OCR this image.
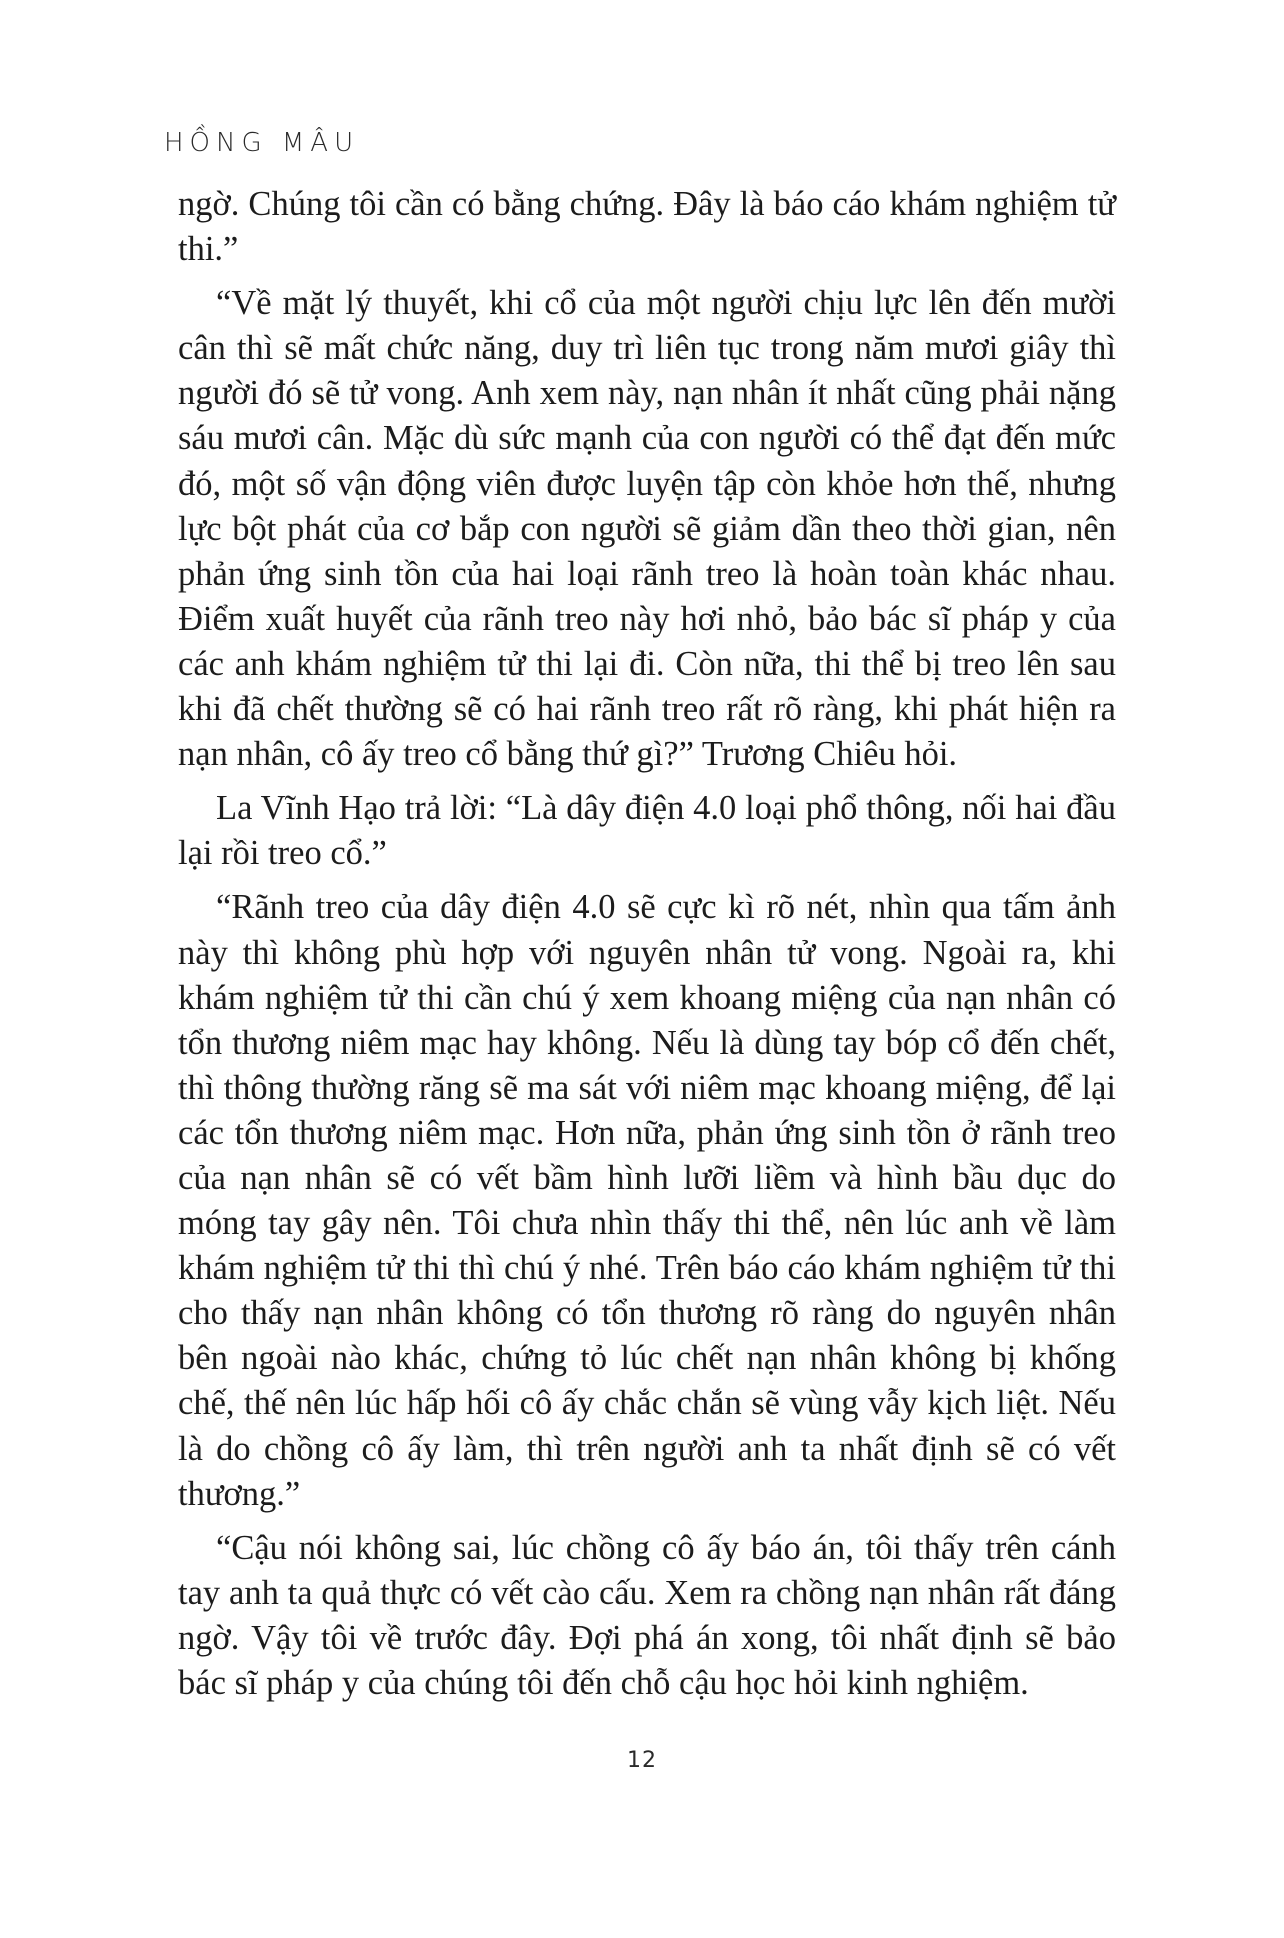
HỒNG MÂU

ngờ. Chúng tôi cần có bằng chứng. Đây là báo cáo khám nghiệm tử thi.”

“Về mặt lý thuyết, khi cổ của một người chịu lực lên đến mười cân thì sẽ mất chức năng, duy trì liên tục trong năm mươi giây thì người đó sẽ tử vong. Anh xem này, nạn nhân ít nhất cũng phải nặng sáu mươi cân. Mặc dù sức mạnh của con người có thể đạt đến mức đó, một số vận động viên được luyện tập còn khỏe hơn thế, nhưng lực bột phát của cơ bắp con người sẽ giảm dần theo thời gian, nên phản ứng sinh tồn của hai loại rãnh treo là hoàn toàn khác nhau. Điểm xuất huyết của rãnh treo này hơi nhỏ, bảo bác sĩ pháp y của các anh khám nghiệm tử thi lại đi. Còn nữa, thi thể bị treo lên sau khi đã chết thường sẽ có hai rãnh treo rất rõ ràng, khi phát hiện ra nạn nhân, cô ấy treo cổ bằng thứ gì?” Trương Chiêu hỏi.

La Vĩnh Hạo trả lời: “Là dây điện 4.0 loại phổ thông, nối hai đầu lại rồi treo cổ.”

“Rãnh treo của dây điện 4.0 sẽ cực kì rõ nét, nhìn qua tấm ảnh này thì không phù hợp với nguyên nhân tử vong. Ngoài ra, khi khám nghiệm tử thi cần chú ý xem khoang miệng của nạn nhân có tổn thương niêm mạc hay không. Nếu là dùng tay bóp cổ đến chết, thì thông thường răng sẽ ma sát với niêm mạc khoang miệng, để lại các tổn thương niêm mạc. Hơn nữa, phản ứng sinh tồn ở rãnh treo của nạn nhân sẽ có vết bầm hình lưỡi liềm và hình bầu dục do móng tay gây nên. Tôi chưa nhìn thấy thi thể, nên lúc anh về làm khám nghiệm tử thi thì chú ý nhé. Trên báo cáo khám nghiệm tử thi cho thấy nạn nhân không có tổn thương rõ ràng do nguyên nhân bên ngoài nào khác, chứng tỏ lúc chết nạn nhân không bị khống chế, thế nên lúc hấp hối cô ấy chắc chắn sẽ vùng vẫy kịch liệt. Nếu là do chồng cô ấy làm, thì trên người anh ta nhất định sẽ có vết thương.”

“Cậu nói không sai, lúc chồng cô ấy báo án, tôi thấy trên cánh tay anh ta quả thực có vết cào cấu. Xem ra chồng nạn nhân rất đáng ngờ. Vậy tôi về trước đây. Đợi phá án xong, tôi nhất định sẽ bảo bác sĩ pháp y của chúng tôi đến chỗ cậu học hỏi kinh nghiệm.

12
